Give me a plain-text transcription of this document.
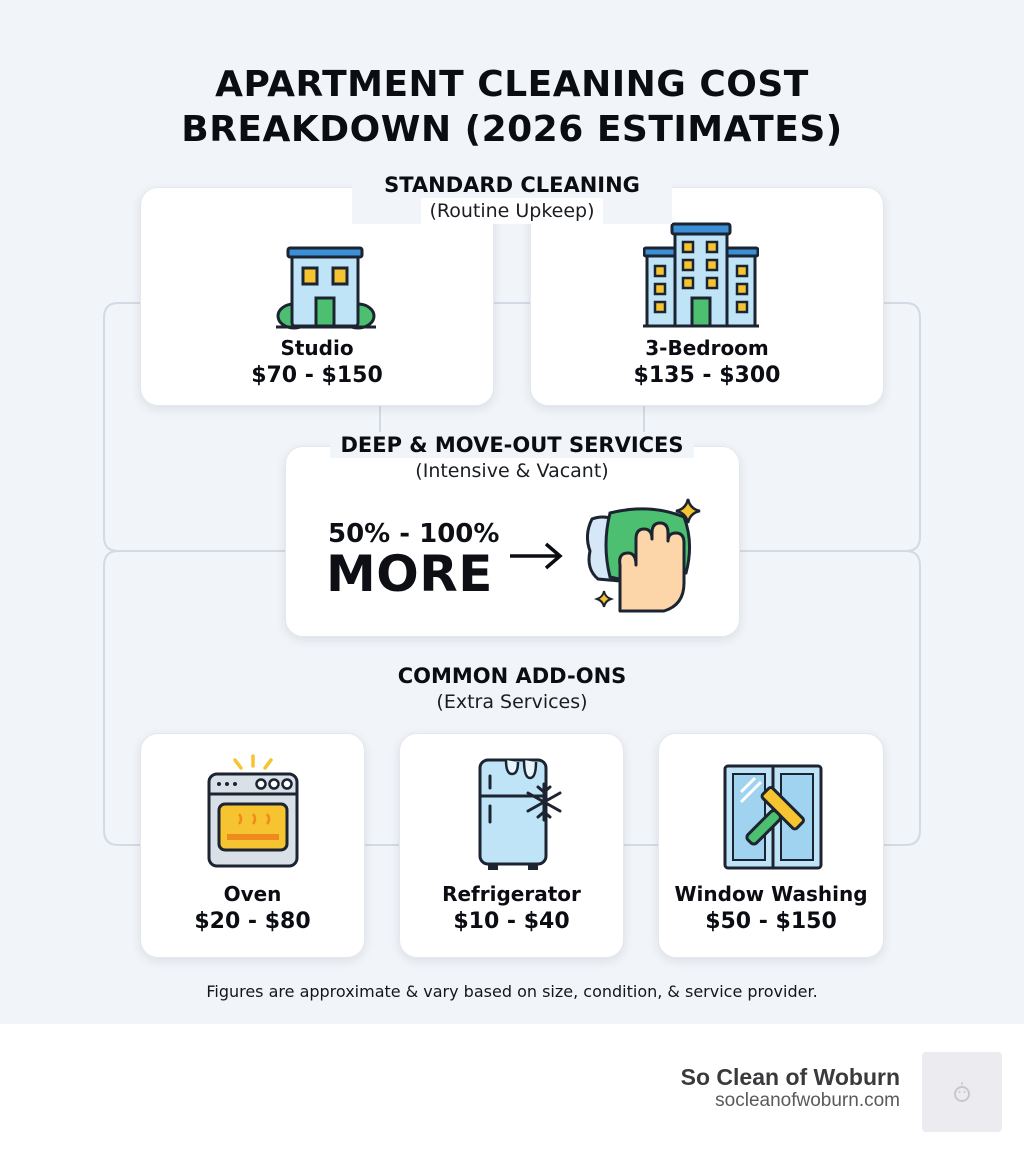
APARTMENT CLEANING COST
BREAKDOWN (2026 ESTIMATES)
Studio
$70 - $150
3-Bedroom
$135 - $300
STANDARD CLEANING
(Routine Upkeep)
50% - 100%
MORE
DEEP & MOVE-OUT SERVICES
(Intensive & Vacant)
COMMON ADD-ONS
(Extra Services)
Oven
$20 - $80
Refrigerator
$10 - $40
Window Washing
$50 - $150
Figures are approximate & vary based on size, condition, & service provider.
So Clean of Woburn
socleanofwoburn.com
